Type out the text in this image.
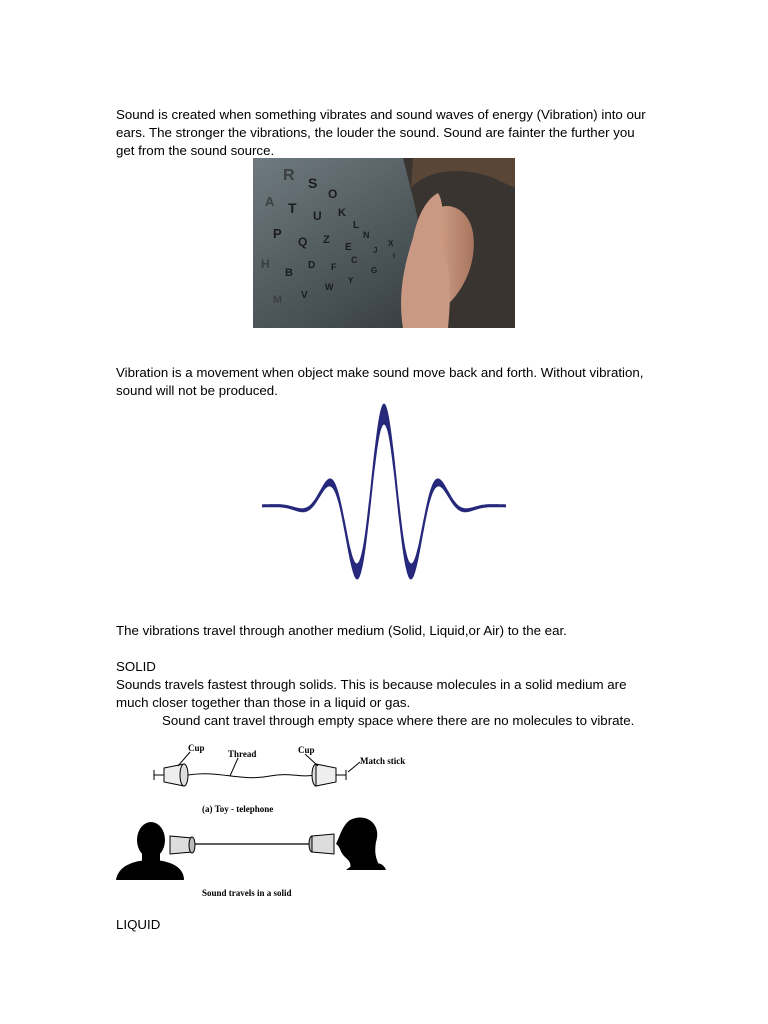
Sound is created when something vibrates and sound waves of energy (Vibration) into our ears. The stronger the vibrations, the louder the sound. Sound are fainter the further you get from the sound source.

R S
O
A T U K
L
P
Q Z
E
N
H
B
D F
C
J
X
M V
W
Y
G
I

Vibration is a movement when object make sound move back and forth. Without vibration, sound will not be produced.

The vibrations travel through another medium (Solid, Liquid,or Air) to the ear.

SOLID

Sounds travels fastest through solids. This is because molecules in a solid medium are much closer together than those in a liquid or gas.

Sound cant travel through empty space where there are no molecules to vibrate.

Cup
Thread	Cup
Match stick
(a) Toy - telephone
Sound travels in a solid

LIQUID
